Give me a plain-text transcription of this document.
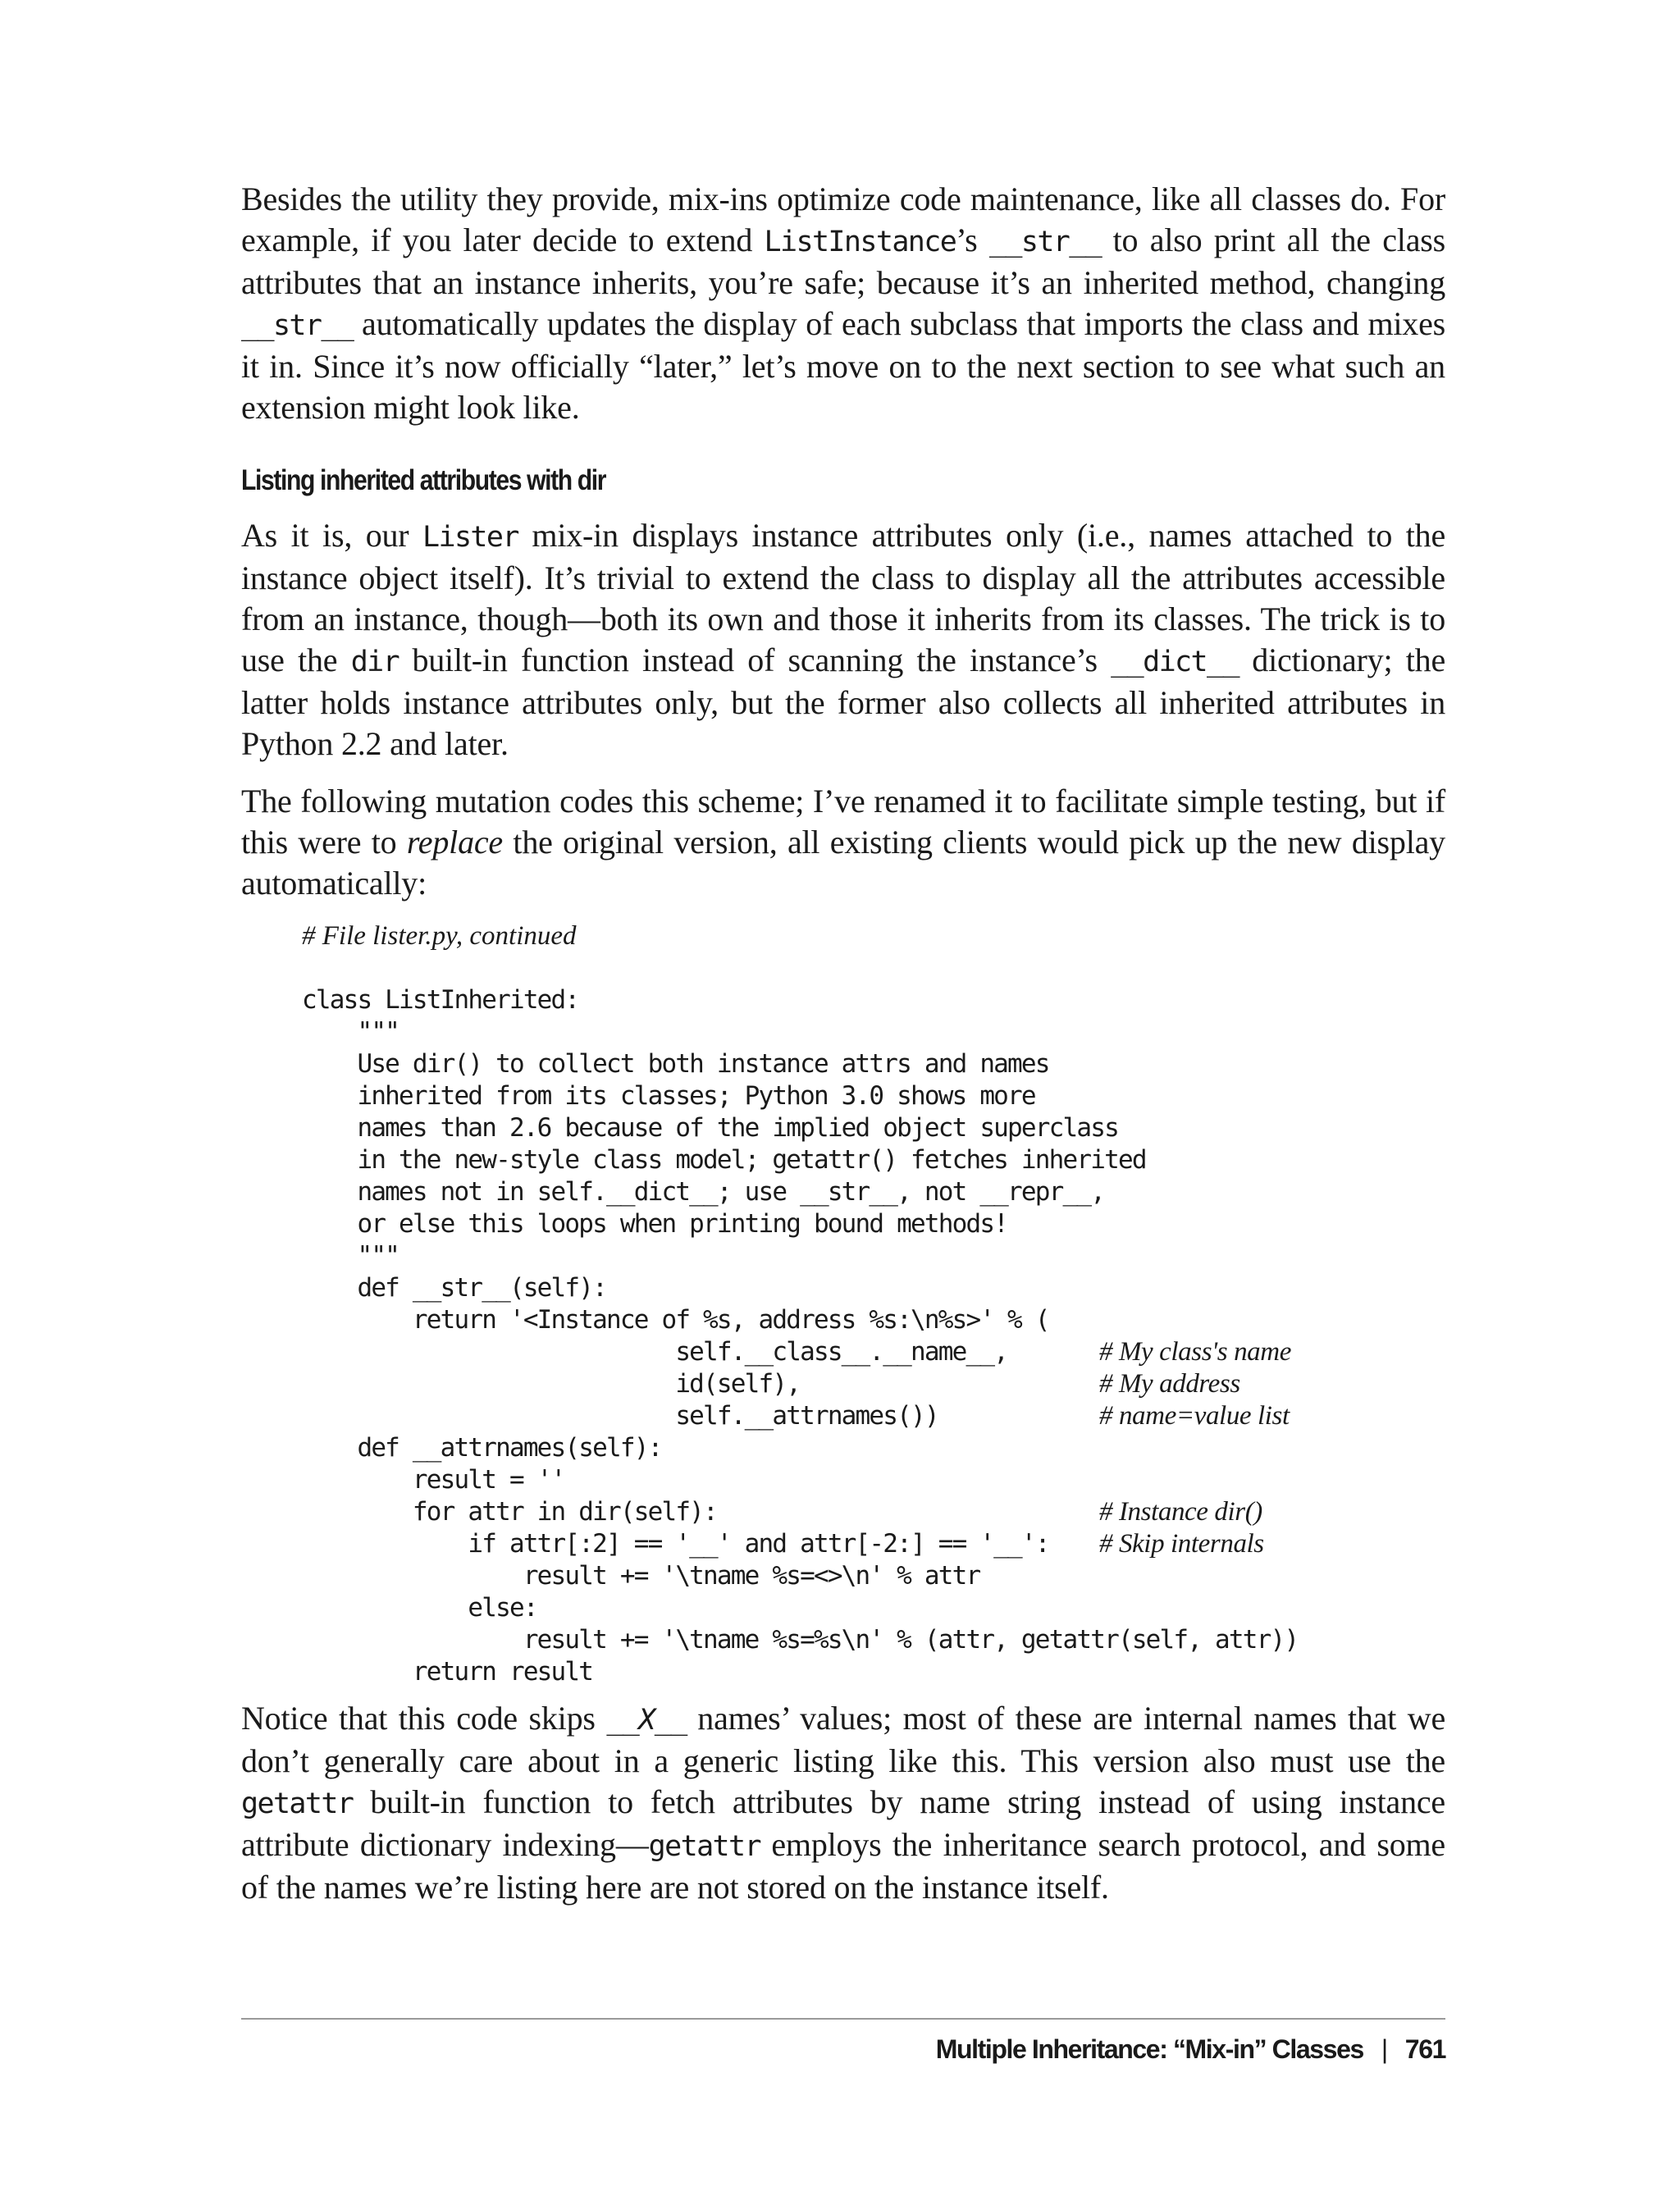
Besides the utility they provide, mix-ins optimize code maintenance, like all classes do. For example, if you later decide to extend ListInstance’s __str__ to also print all the class attributes that an instance inherits, you’re safe; because it’s an inherited method, changing __str__ automatically updates the display of each subclass that imports the class and mixes it in. Since it’s now officially “later,” let’s move on to the next section to see what such an extension might look like.

Listing inherited attributes with dir

As it is, our Lister mix-in displays instance attributes only (i.e., names attached to the instance object itself). It’s trivial to extend the class to display all the attributes accessible from an instance, though—both its own and those it inherits from its classes. The trick is to use the dir built-in function instead of scanning the instance’s __dict__ dictionary; the latter holds instance attributes only, but the former also collects all inherited attributes in Python 2.2 and later.

The following mutation codes this scheme; I’ve renamed it to facilitate simple testing, but if this were to replace the original version, all existing clients would pick up the new display automatically:

# File lister.py, continued
class ListInherited:
"""
Use dir() to collect both instance attrs and names
inherited from its classes; Python 3.0 shows more
names than 2.6 because of the implied object superclass
in the new-style class model; getattr() fetches inherited
names not in self.__dict__; use __str__, not __repr__,
or else this loops when printing bound methods!
"""
def __str__(self):
return '<Instance of %s, address %s:\n%s>' % (
self.__class__.__name__,	# My class's name
id(self),	# My address
self.__attrnames())	# name=value list
def __attrnames(self):
result = ''
for attr in dir(self):	# Instance dir()
if attr[:2] == '__' and attr[-2:] == '__': # Skip internals
result += '\tname %s=<>\n' % attr
else:
result += '\tname %s=%s\n' % (attr, getattr(self, attr))
return result

Notice that this code skips __X__ names’ values; most of these are internal names that we don’t generally care about in a generic listing like this. This version also must use the getattr built-in function to fetch attributes by name string instead of using instance attribute dictionary indexing—getattr employs the inheritance search protocol, and some of the names we’re listing here are not stored on the instance itself.

Multiple Inheritance: “Mix-in” Classes | 761
